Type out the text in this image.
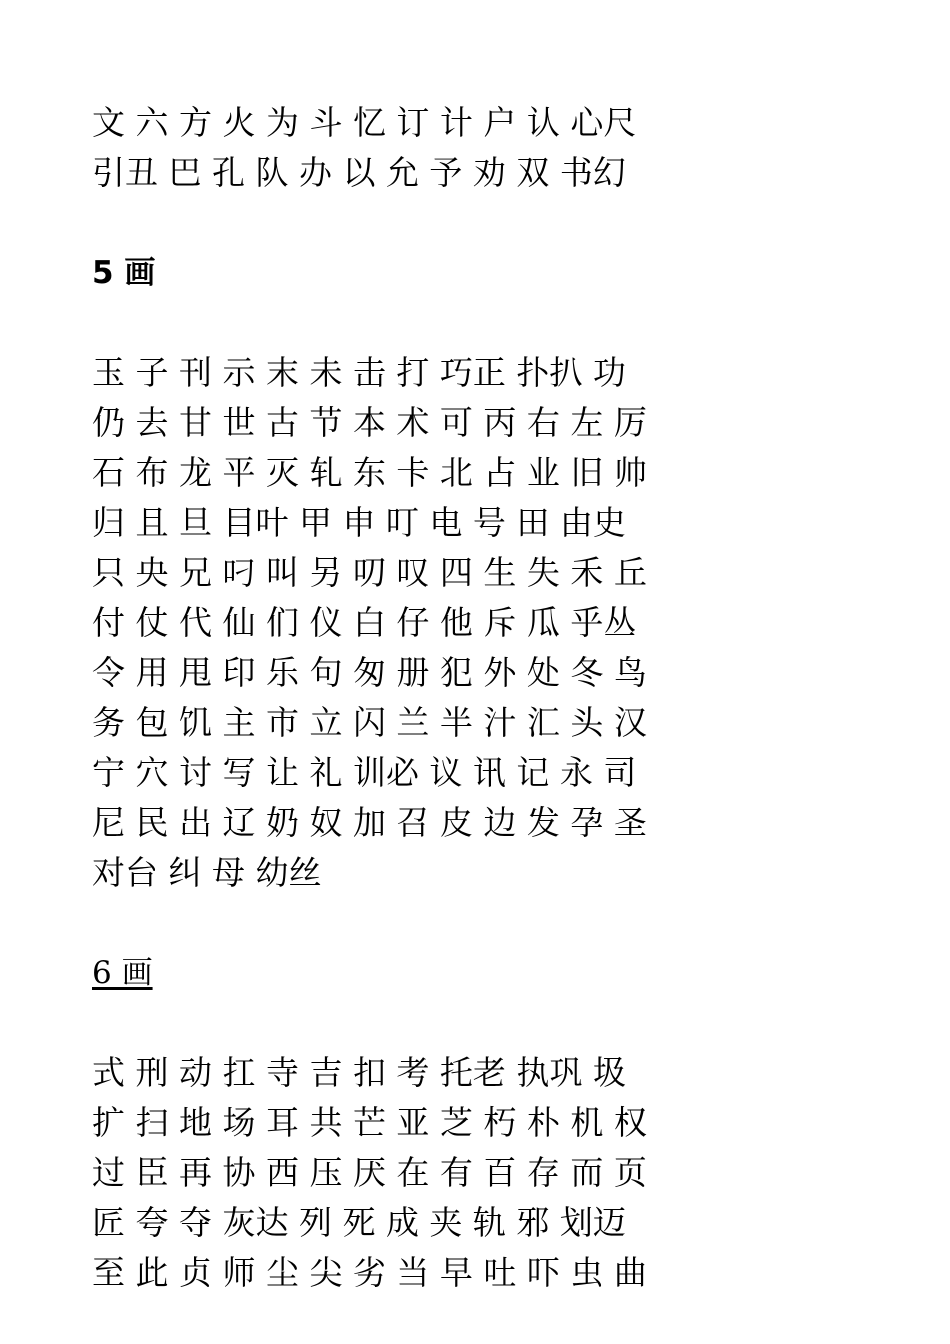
文 六 方 火 为 斗 忆 订 计 户 认 心尺

引丑 巴 孔 队 办 以 允 予 劝 双 书幻

5 画

玉 子 刊 示 末 未 击 打 巧正 扑扒 功

仍 去 甘 世 古 节 本 术 可 丙 右 左 厉

石 布 龙 平 灭 轧 东 卡 北 占 业 旧 帅

归 且 旦 目叶 甲 申 叮 电 号 田 由史

只 央 兄 叼 叫 另 叨 叹 四 生 失 禾 丘

付 仗 代 仙 们 仪 白 仔 他 斥 瓜 乎丛

令 用 甩 印 乐 句 匆 册 犯 外 处 冬 鸟

务 包 饥 主 市 立 闪 兰 半 汁 汇 头 汉

宁 穴 讨 写 让 礼 训必 议 讯 记 永 司

尼 民 出 辽 奶 奴 加 召 皮 边 发 孕 圣

对台 纠 母 幼丝

6 画

式 刑 动 扛 寺 吉 扣 考 托老 执巩 圾

扩 扫 地 场 耳 共 芒 亚 芝 朽 朴 机 权

过 臣 再 协 西 压 厌 在 有 百 存 而 页

匠 夸 夺 灰达 列 死 成 夹 轨 邪 划迈

至 此 贞 师 尘 尖 劣 当 早 吐 吓 虫 曲
